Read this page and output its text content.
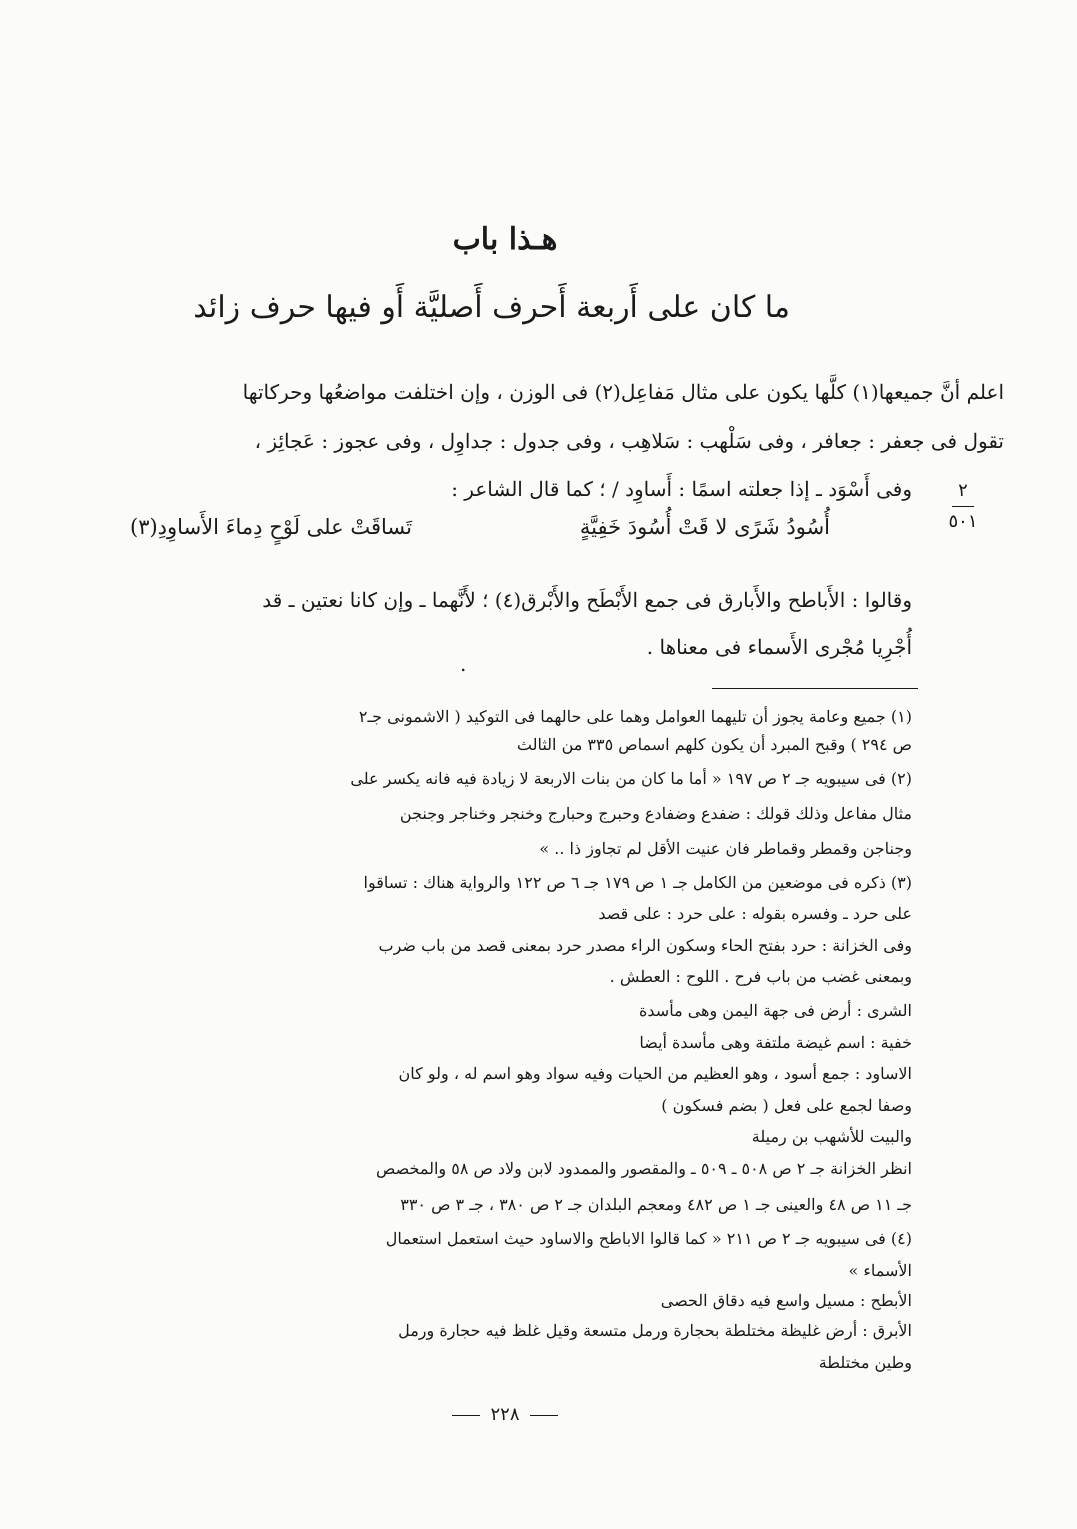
هـذا باب
ما كان على أَربعة أَحرف أَصليَّة أَو فيها حرف زائد
٢
٥٠١

اعلم أنَّ جميعها(١) كلَّها يكون على مثال مَفاعِل(٢) فى الوزن ، وإن اختلفت مواضعُها وحركاتها

تقول فى جعفر : جعافر ، وفى سَلْهب : سَلاهِب ، وفى جدول : جداوِل ، وفى عجوز : عَجائِز ،

وفى أَسْوَد ـ إذا جعلته اسمًا : أَساوِد / ؛ كما قال الشاعر :

أُسُودُ شَرًى لا قَتْ أُسُودَ خَفِيَّةٍ
تَساقَتْ على لَوْحٍ دِماءَ الأَساوِدِ(٣)

وقالوا : الأَباطح والأَبارق فى جمع الأَبْطَح والأَبْرق(٤) ؛ لأَنَّهما ـ وإن كانا نعتين ـ قد

أُجْرِيا مُجْرى الأَسماء فى معناها .

.

(١) جميع وعامة يجوز أن تليهما العوامل وهما على حالهما فى التوكيد ( الاشمونى جـ٢

ص ٢٩٤ ) وقبح المبرد أن يكون كلهم اسماص ٣٣٥ من الثالث

(٢) فى سيبويه جـ ٢ ص ١٩٧ « أما ما كان من بنات الاربعة لا زيادة فيه فانه يكسر على

مثال مفاعل وذلك قولك : ضفدع وضفادع وحبرج وحبارج وخنجر وخناجر وجنجن

وجناجن وقمطر وقماطر فان عنيت الأقل لم تجاوز ذا .. »

(٣) ذكره فى موضعين من الكامل جـ ١ ص ١٧٩ جـ ٦ ص ١٢٢ والرواية هناك : تساقوا

على حرد ـ وفسره بقوله : على حرد : على قصد

وفى الخزانة : حرد بفتح الحاء وسكون الراء مصدر حرد بمعنى قصد من باب ضرب

وبمعنى غضب من باب فرح . اللوح : العطش .

الشرى : أرض فى جهة اليمن وهى مأسدة

خفية : اسم غيضة ملتفة وهى مأسدة أيضا

الاساود : جمع أسود ، وهو العظيم من الحيات وفيه سواد وهو اسم له ، ولو كان

وصفا لجمع على فعل ( بضم فسكون )

والبيت للأشهب بن رميلة

انظر الخزانة جـ ٢ ص ٥٠٨ ـ ٥٠٩ ـ والمقصور والممدود لابن ولاد ص ٥٨ والمخصص

جـ ١١ ص ٤٨ والعينى جـ ١ ص ٤٨٢ ومعجم البلدان جـ ٢ ص ٣٨٠ ، جـ ٣ ص ٣٣٠

(٤) فى سيبويه جـ ٢ ص ٢١١ « كما قالوا الاباطح والاساود حيث استعمل استعمال

الأسماء »

الأبطح : مسيل واسع فيه دقاق الحصى

الأبرق : أرض غليظة مختلطة بحجارة ورمل متسعة وقيل غلظ فيه حجارة ورمل

وطين مختلطة

٢٢٨
